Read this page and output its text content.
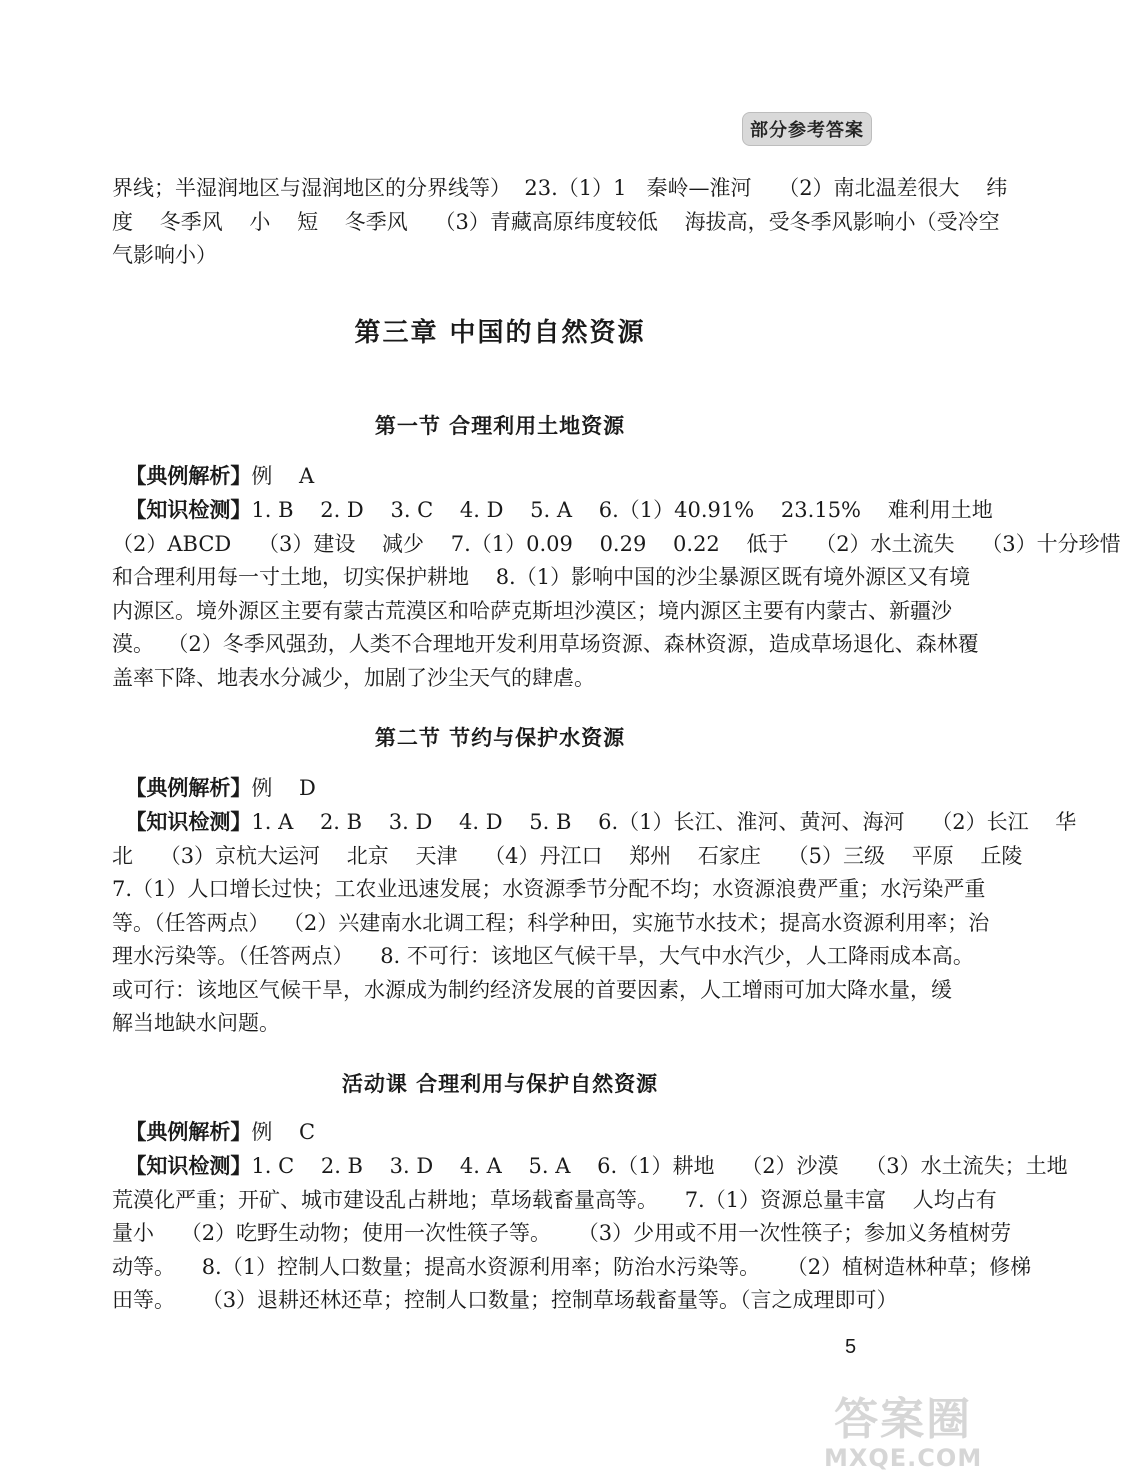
部分参考答案
界线；半湿润地区与湿润地区的分界线等）  23.（1）1   秦岭—淮河    （2）南北温差很大    纬
度    冬季风    小    短    冬季风    （3）青藏高原纬度较低    海拔高，受冬季风影响小（受冷空
气影响小）
第三章 中国的自然资源
第一节 合理利用土地资源
【典例解析】例    A
【知识检测】1. B    2. D    3. C    4. D    5. A    6.（1）40.91%    23.15%    难利用土地
（2）ABCD    （3）建设    减少    7.（1）0.09    0.29    0.22    低于    （2）水土流失    （3）十分珍惜
和合理利用每一寸土地，切实保护耕地    8.（1）影响中国的沙尘暴源区既有境外源区又有境
内源区。境外源区主要有蒙古荒漠区和哈萨克斯坦沙漠区；境内源区主要有内蒙古、新疆沙
漠。  （2）冬季风强劲，人类不合理地开发利用草场资源、森林资源，造成草场退化、森林覆
盖率下降、地表水分减少，加剧了沙尘天气的肆虐。
第二节 节约与保护水资源
【典例解析】例    D
【知识检测】1. A    2. B    3. D    4. D    5. B    6.（1）长江、淮河、黄河、海河    （2）长江    华
北    （3）京杭大运河    北京    天津    （4）丹江口    郑州    石家庄    （5）三级    平原    丘陵
7.（1）人口增长过快；工农业迅速发展；水资源季节分配不均；水资源浪费严重；水污染严重
等。（任答两点）  （2）兴建南水北调工程；科学种田，实施节水技术；提高水资源利用率；治
理水污染等。（任答两点）    8. 不可行：该地区气候干旱，大气中水汽少，人工降雨成本高。
或可行：该地区气候干旱，水源成为制约经济发展的首要因素，人工增雨可加大降水量，缓
解当地缺水问题。
活动课 合理利用与保护自然资源
【典例解析】例    C
【知识检测】1. C    2. B    3. D    4. A    5. A    6.（1）耕地    （2）沙漠    （3）水土流失；土地
荒漠化严重；开矿、城市建设乱占耕地；草场载畜量高等。    7.（1）资源总量丰富    人均占有
量小    （2）吃野生动物；使用一次性筷子等。    （3）少用或不用一次性筷子；参加义务植树劳
动等。    8.（1）控制人口数量；提高水资源利用率；防治水污染等。    （2）植树造林种草；修梯
田等。    （3）退耕还林还草；控制人口数量；控制草场载畜量等。（言之成理即可）
5
答案圈
MXQE.COM
